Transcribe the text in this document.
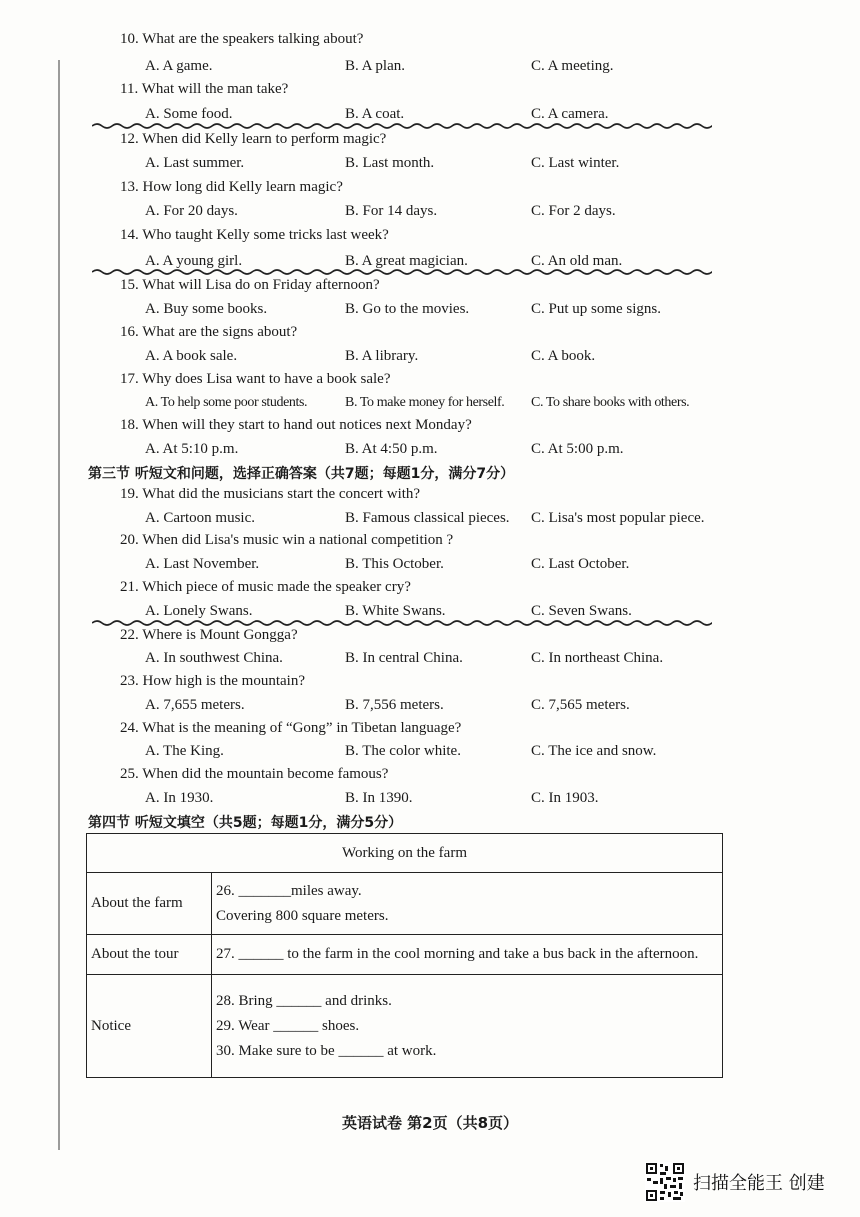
10. What are the speakers talking about?
A. A game.	B. A plan.	C. A meeting.
11. What will the man take?
A. Some food.	B. A coat.	C. A camera.
12. When did Kelly learn to perform magic?
A. Last summer.	B. Last month.	C. Last winter.
13. How long did Kelly learn magic?
A. For 20 days.	B. For 14 days.	C. For 2 days.
14. Who taught Kelly some tricks last week?
A. A young girl.	B. A great magician.	C. An old man.
15. What will Lisa do on Friday afternoon?
A. Buy some books.	B. Go to the movies.	C. Put up some signs.
16. What are the signs about?
A. A book sale.	B. A library.	C. A book.
17. Why does Lisa want to have a book sale?
A. To help some poor students.	B. To make money for herself. C. To share books with others.
18. When will they start to hand out notices next Monday?
A. At 5:10 p.m.	B. At 4:50 p.m.	C. At 5:00 p.m.
第三节 听短文和问题，选择正确答案（共7题；每题1分，满分7分）
19. What did the musicians start the concert with?
A. Cartoon music.	B. Famous classical pieces. C. Lisa's most popular piece.
20. When did Lisa's music win a national competition ?
A. Last November.	B. This October.	C. Last October.
21. Which piece of music made the speaker cry?
A. Lonely Swans.	B. White Swans.	C. Seven Swans.
22. Where is Mount Gongga?
A. In southwest China.	B. In central China.	C. In northeast China.
23. How high is the mountain?
A. 7,655 meters.	B. 7,556 meters.	C. 7,565 meters.
24. What is the meaning of “Gong” in Tibetan language?
A. The King.	B. The color white.	C. The ice and snow.
25. When did the mountain become famous?
A. In 1930.	B. In 1390.	C. In 1903.
第四节 听短文填空（共5题；每题1分，满分5分）
Working on the farm	
About the farm	26. _______miles away.
Covering 800 square meters.

About the tour	27. ______ to the farm in the cool morning and take a bus back in the afternoon.

Notice	28. Bring ______ and drinks.
29. Wear ______ shoes.
30. Make sure to be ______ at work.
英语试卷 第2页（共8页）
扫描全能王 创建
